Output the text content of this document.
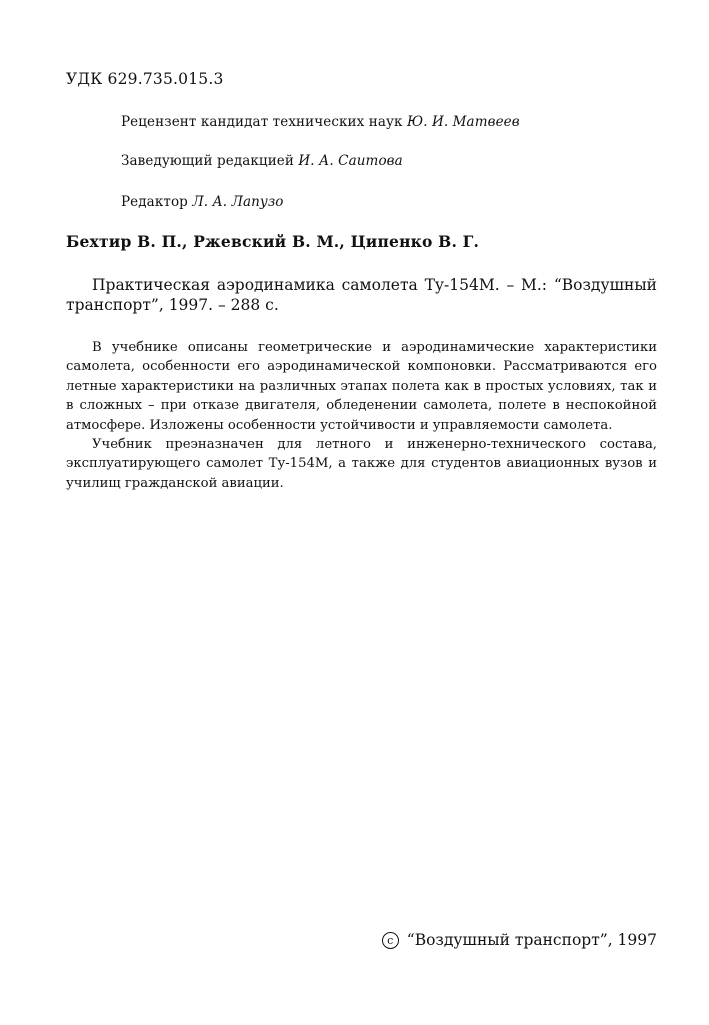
УДК 629.735.015.3
Рецензент кандидат технических наук Ю. И. Матвеев
Заведующий редакцией И. А. Саитова
Редактор Л. А. Лапузо
Бехтир В. П., Ржевский В. М., Ципенко В. Г.
Практическая аэродинамика самолета Ту-154М. – М.: “Воздушный транспорт”, 1997. – 288 с.

В учебнике описаны геометрические и аэродинамические характеристики самолета, особенности его аэродинамической компоновки. Рассматриваются его летные характеристики на различных этапах полета как в простых условиях, так и в сложных – при отказе двигателя, обледенении самолета, полете в неспокойной атмосфере. Изложены особенности устойчивости и управляемости самолета.

Учебник преэназначен для летного и инженерно-технического состава, эксплуатирующего самолет Ту-154М, а также для студентов авиационных вузов и училищ гражданской авиации.

c “Воздушный транспорт”, 1997
